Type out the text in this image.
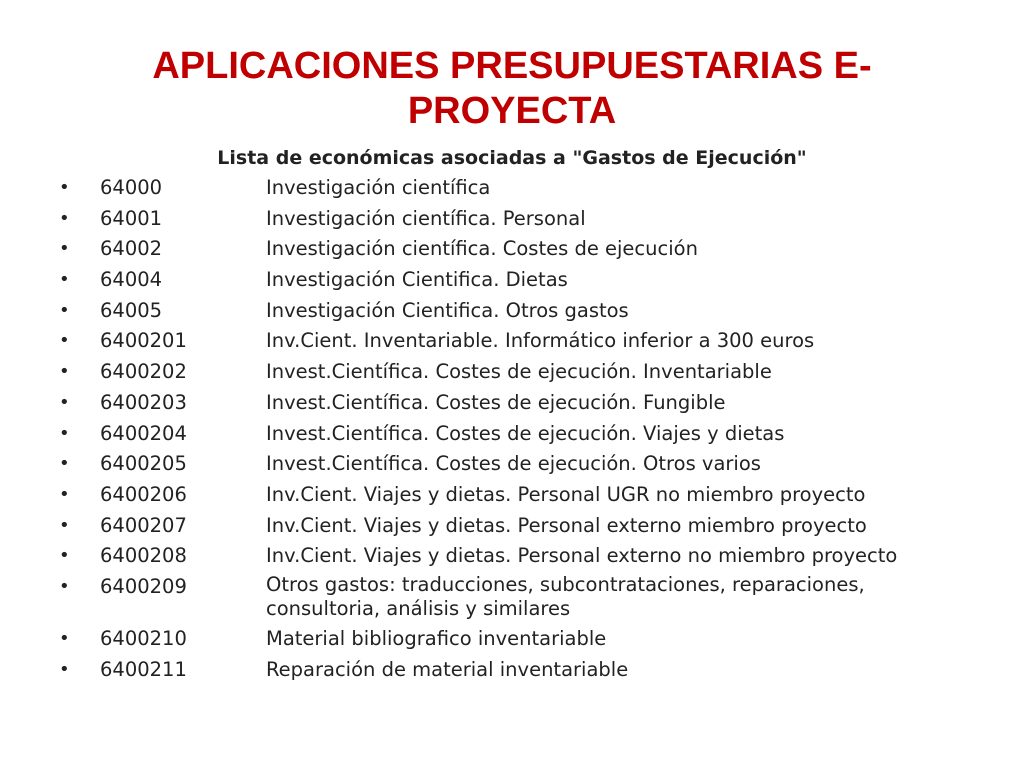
APLICACIONES PRESUPUESTARIAS E-PROYECTA
Lista de económicas asociadas a "Gastos de Ejecución"
• 64000	Investigación científica
• 64001	Investigación científica. Personal
• 64002	Investigación científica. Costes de ejecución
• 64004	Investigación Cientifica. Dietas
• 64005	Investigación Cientifica. Otros gastos
• 6400201	Inv.Cient. Inventariable. Informático inferior a 300 euros
• 6400202	Invest.Científica. Costes de ejecución. Inventariable
• 6400203	Invest.Científica. Costes de ejecución. Fungible
• 6400204	Invest.Científica. Costes de ejecución. Viajes y dietas
• 6400205	Invest.Científica. Costes de ejecución. Otros varios
• 6400206	Inv.Cient. Viajes y dietas. Personal UGR no miembro proyecto
• 6400207	Inv.Cient. Viajes y dietas. Personal externo miembro proyecto
• 6400208	Inv.Cient. Viajes y dietas. Personal externo no miembro proyecto
• 6400209	Otros gastos: traducciones, subcontrataciones, reparaciones, consultoria, análisis y similares
• 6400210	Material bibliografico inventariable
• 6400211	Reparación de material inventariable
